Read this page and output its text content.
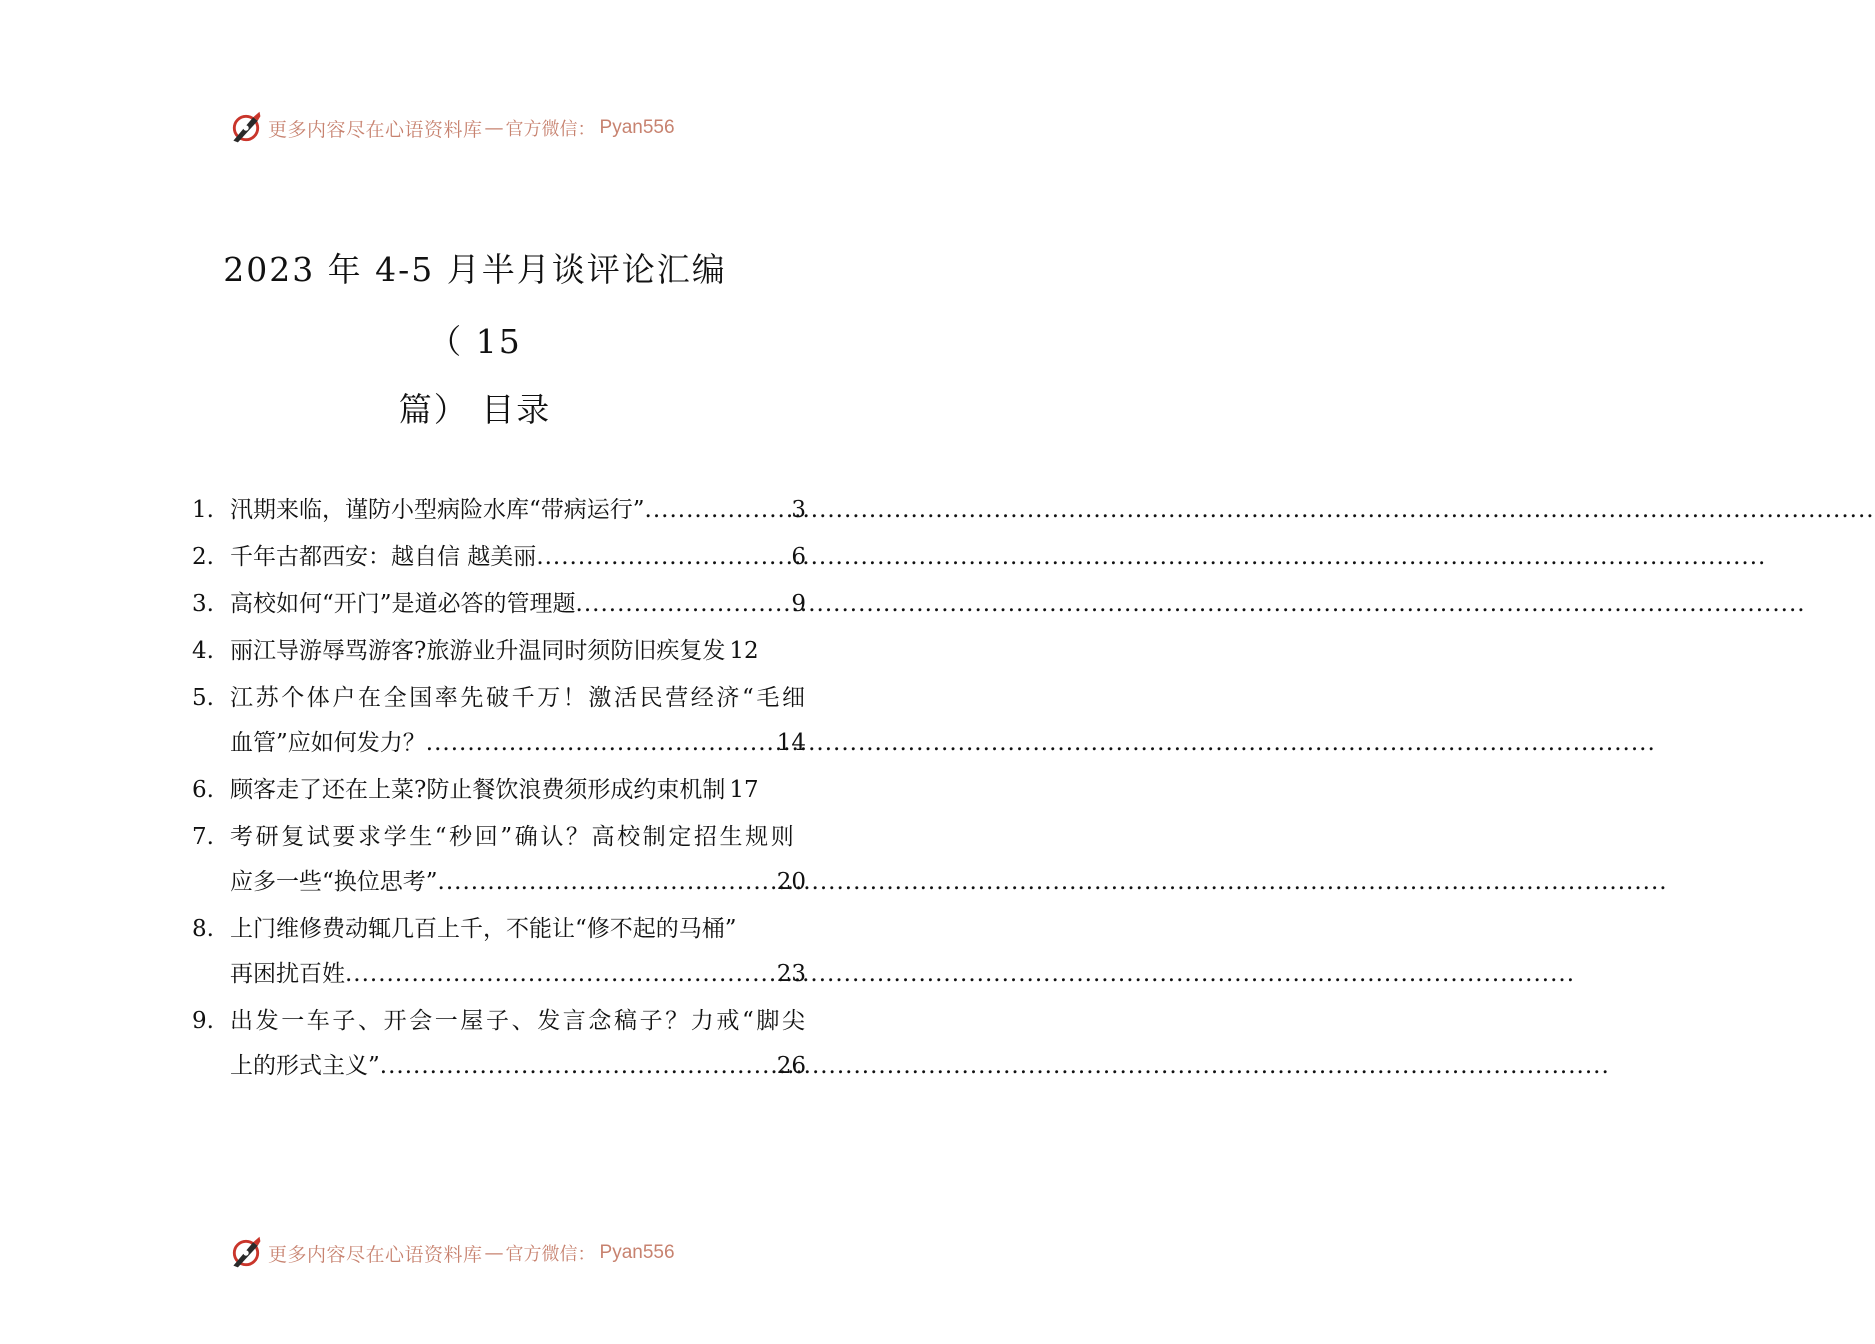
更多内容尽在心语资料库 — 官方微信： Pyan556
2023 年 4-5 月半月谈评论汇编
（ 15
篇） 目录
1. 汛期来临，谨防小型病险水库“带病运行” .....	3
2. 千年古都西安：越自信 越美丽 .....	6
3. 高校如何“开门”是道必答的管理题 .....	9
4. 丽江导游辱骂游客?旅游业升温同时须防旧疾复发 12
5. 江苏个体户在全国率先破千万！激活民营经济“毛细
血管”应如何发力？ .....	14
6. 顾客走了还在上菜?防止餐饮浪费须形成约束机制 17
7. 考研复试要求学生“秒回”确认？高校制定招生规则
应多一些“换位思考” .....	20
8. 上门维修费动辄几百上千，不能让“修不起的马桶”
再困扰百姓 .....	23
9. 出发一车子、开会一屋子、发言念稿子？力戒“脚尖
上的形式主义” .....	26
更多内容尽在心语资料库 — 官方微信： Pyan556
